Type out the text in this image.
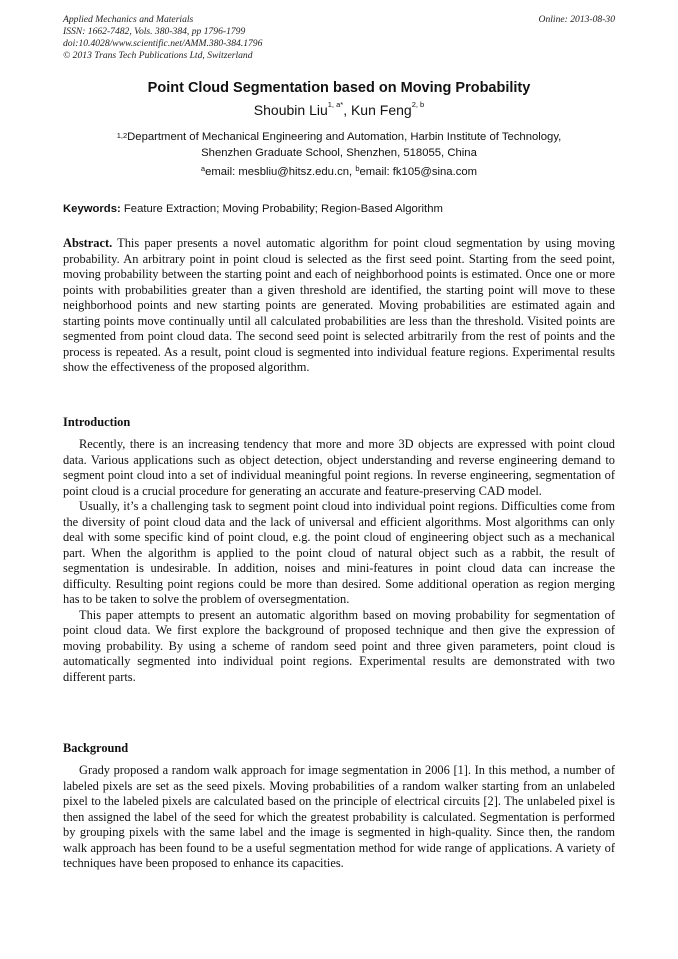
Applied Mechanics and Materials
ISSN: 1662-7482, Vols. 380-384, pp 1796-1799
doi:10.4028/www.scientific.net/AMM.380-384.1796
© 2013 Trans Tech Publications Ltd, Switzerland
Online: 2013-08-30
Point Cloud Segmentation based on Moving Probability
Shoubin Liu$^{1, a*}$, Kun Feng$^{2, b}$
$^{1,2}$Department of Mechanical Engineering and Automation, Harbin Institute of Technology,
Shenzhen Graduate School, Shenzhen, 518055, China
$^a$email: mesbliu@hitsz.edu.cn, $^b$email: fk105@sina.com
Keywords: Feature Extraction; Moving Probability; Region-Based Algorithm
Abstract. This paper presents a novel automatic algorithm for point cloud segmentation by using moving probability. An arbitrary point in point cloud is selected as the first seed point. Starting from the seed point, moving probability between the starting point and each of neighborhood points is estimated. Once one or more points with probabilities greater than a given threshold are identified, the starting point will move to these neighborhood points and new starting points are generated. Moving probabilities are estimated again and starting points move continually until all calculated probabilities are less than the threshold. Visited points are segmented from point cloud data. The second seed point is selected arbitrarily from the rest of points and the process is repeated. As a result, point cloud is segmented into individual feature regions. Experimental results show the effectiveness of the proposed algorithm.
Introduction

Recently, there is an increasing tendency that more and more 3D objects are expressed with point cloud data. Various applications such as object detection, object understanding and reverse engineering demand to segment point cloud into a set of individual meaningful point regions. In reverse engineering, segmentation of point cloud is a crucial procedure for generating an accurate and feature-preserving CAD model.

Usually, it’s a challenging task to segment point cloud into individual point regions. Difficulties come from the diversity of point cloud data and the lack of universal and efficient algorithms. Most algorithms can only deal with some specific kind of point cloud, e.g. the point cloud of engineering object such as a mechanical part. When the algorithm is applied to the point cloud of natural object such as a rabbit, the result of segmentation is undesirable. In addition, noises and mini-features in point cloud data can increase the difficulty. Resulting point regions could be more than desired. Some additional operation as region merging has to be taken to solve the problem of oversegmentation.

This paper attempts to present an automatic algorithm based on moving probability for segmentation of point cloud data. We first explore the background of proposed technique and then give the expression of moving probability. By using a scheme of random seed point and three given parameters, point cloud is automatically segmented into individual point regions. Experimental results are demonstrated with two different parts.

Background

Grady proposed a random walk approach for image segmentation in 2006 [1]. In this method, a number of labeled pixels are set as the seed pixels. Moving probabilities of a random walker starting from an unlabeled pixel to the labeled pixels are calculated based on the principle of electrical circuits [2]. The unlabeled pixel is then assigned the label of the seed for which the greatest probability is calculated. Segmentation is performed by grouping pixels with the same label and the image is segmented in high-quality. Since then, the random walk approach has been found to be a useful segmentation method for wide range of applications. A variety of techniques have been proposed to enhance its capacities.
